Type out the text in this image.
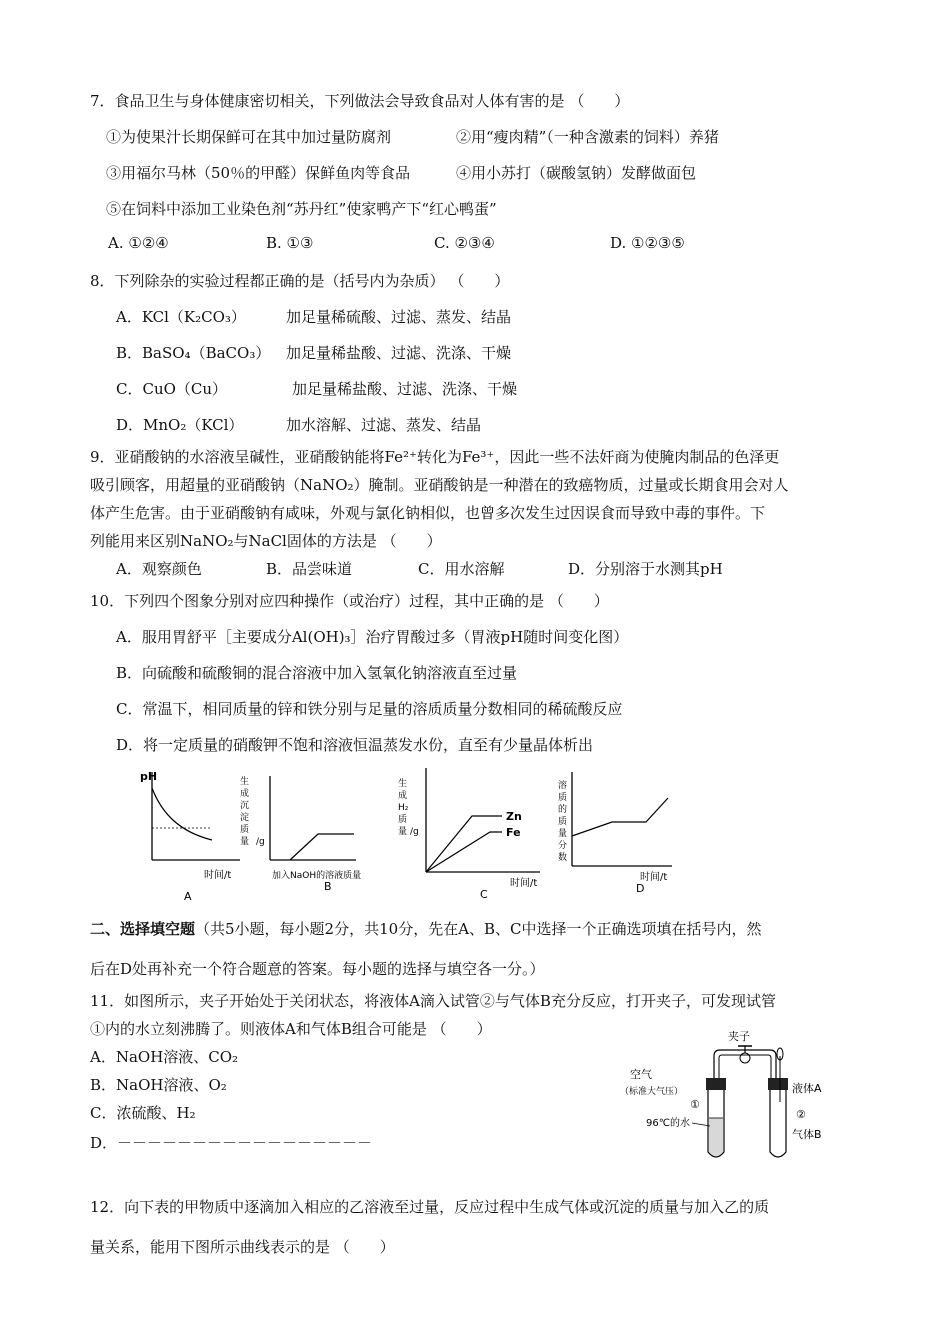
7．食品卫生与身体健康密切相关，下列做法会导致食品对人体有害的是 （　　）
①为使果汁长期保鲜可在其中加过量防腐剂	②用“瘦肉精”（一种含激素的饲料）养猪
③用福尔马林（50％的甲醛）保鲜鱼肉等食品	④用小苏打（碳酸氢钠）发酵做面包
⑤在饲料中添加工业染色剂“苏丹红”使家鸭产下“红心鸭蛋”
A. ①②④	B. ①③	C. ②③④	D. ①②③⑤
8．下列除杂的实验过程都正确的是（括号内为杂质） （　　）
A．KCl（K₂CO₃）	加足量稀硫酸、过滤、蒸发、结晶
B．BaSO₄（BaCO₃） 加足量稀盐酸、过滤、洗涤、干燥
C．CuO（Cu）	加足量稀盐酸、过滤、洗涤、干燥
D．MnO₂（KCl）	加水溶解、过滤、蒸发、结晶
9．亚硝酸钠的水溶液呈碱性，亚硝酸钠能将Fe²⁺转化为Fe³⁺，因此一些不法奸商为使腌肉制品的色泽更
吸引顾客，用超量的亚硝酸钠（NaNO₂）腌制。亚硝酸钠是一种潜在的致癌物质，过量或长期食用会对人
体产生危害。由于亚硝酸钠有咸味，外观与氯化钠相似，也曾多次发生过因误食而导致中毒的事件。下
列能用来区别NaNO₂与NaCl固体的方法是 （　　）
A．观察颜色	B．品尝味道	C．用水溶解	D．分别溶于水测其pH
10．下列四个图象分别对应四种操作（或治疗）过程，其中正确的是 （　　）
A．服用胃舒平［主要成分Al(OH)₃］治疗胃酸过多（胃液pH随时间变化图）
B．向硫酸和硫酸铜的混合溶液中加入氢氧化钠溶液直至过量
C．常温下，相同质量的锌和铁分别与足量的溶质质量分数相同的稀硫酸反应
D．将一定质量的硝酸钾不饱和溶液恒温蒸发水份，直至有少量晶体析出
pH
时间/t
A
生
成
沉
淀
质
量 /g
加入NaOH的溶液质量
B
生
成
H₂
质
量 /g
Zn
Fe
时间/t
C
溶
质
的
质
量
分
数
时间/t
D
二、选择填空题（共5小题，每小题2分，共10分，先在A、B、C中选择一个正确选项填在括号内，然
后在D处再补充一个符合题意的答案。每小题的选择与填空各一分。）
11．如图所示，夹子开始处于关闭状态，将液体A滴入试管②与气体B充分反应，打开夹子，可发现试管
①内的水立刻沸腾了。则液体A和气体B组合可能是 （　　）
A．NaOH溶液、CO₂
B．NaOH溶液、O₂
C．浓硫酸、H₂
D．－－－－－－－－－－－－－－－－－
夹子
空气
（标准大气压）
①
96℃的水
液体A
②
气体B
12．向下表的甲物质中逐滴加入相应的乙溶液至过量，反应过程中生成气体或沉淀的质量与加入乙的质
量关系，能用下图所示曲线表示的是 （　　）
